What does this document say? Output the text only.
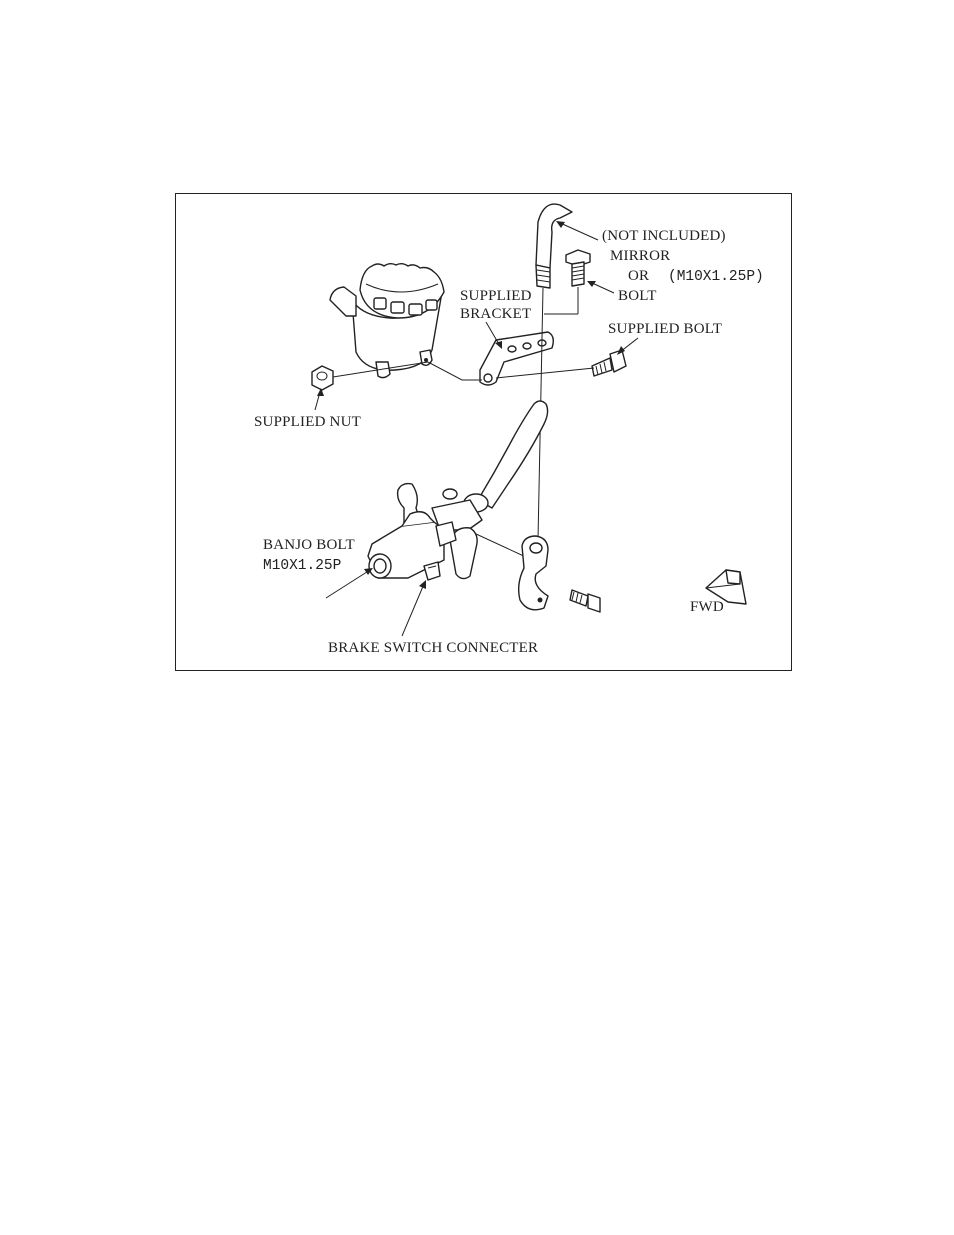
(NOT INCLUDED)
MIRROR
OR (M10X1.25P)
BOLT
SUPPLIED
BRACKET
SUPPLIED BOLT
SUPPLIED NUT
BANJO BOLT
M10X1.25P
BRAKE SWITCH CONNECTER
FWD
